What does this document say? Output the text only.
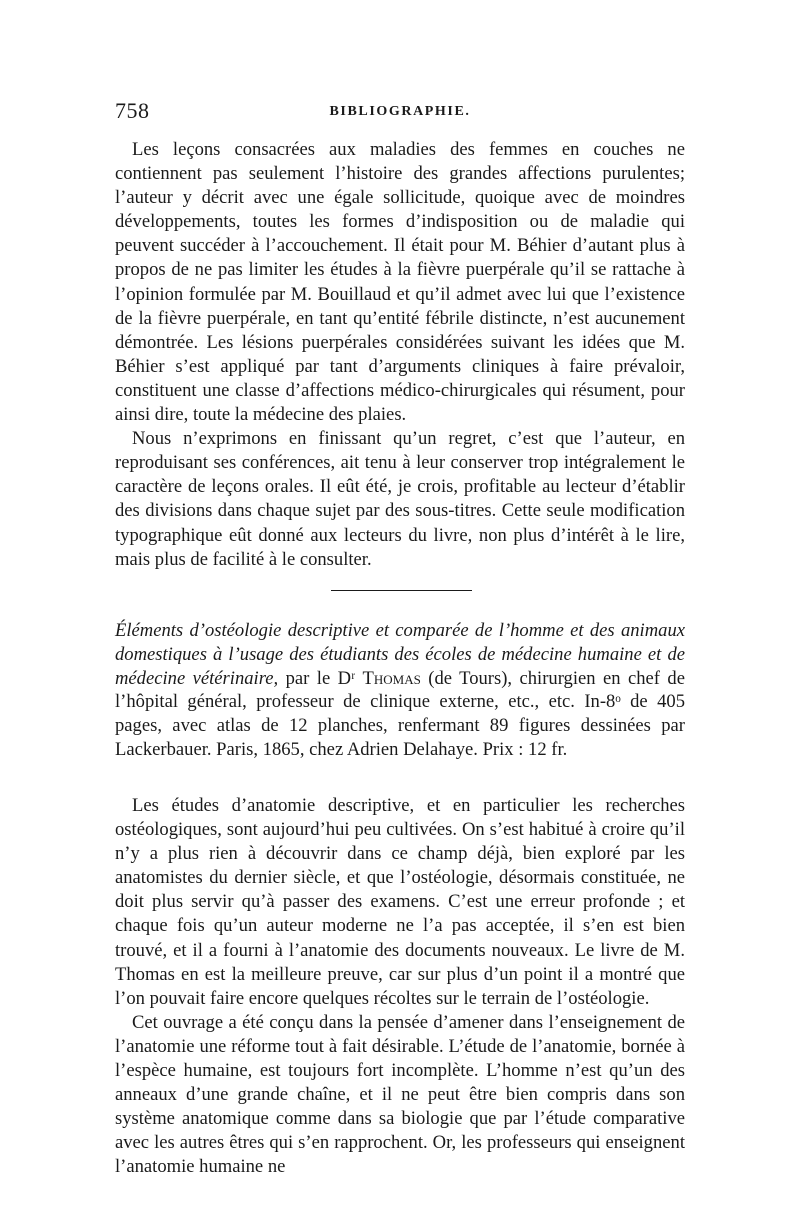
758	BIBLIOGRAPHIE.

Les leçons consacrées aux maladies des femmes en couches ne contiennent pas seulement l’histoire des grandes affections purulentes; l’auteur y décrit avec une égale sollicitude, quoique avec de moindres développements, toutes les formes d’indisposition ou de maladie qui peuvent succéder à l’accouchement. Il était pour M. Béhier d’autant plus à propos de ne pas limiter les études à la fièvre puerpérale qu’il se rattache à l’opinion formulée par M. Bouillaud et qu’il admet avec lui que l’existence de la fièvre puerpérale, en tant qu’entité fébrile distincte, n’est aucunement démontrée. Les lésions puerpérales considérées suivant les idées que M. Béhier s’est appliqué par tant d’arguments cliniques à faire prévaloir, constituent une classe d’affections médico-chirurgicales qui résument, pour ainsi dire, toute la médecine des plaies.

Nous n’exprimons en finissant qu’un regret, c’est que l’auteur, en reproduisant ses conférences, ait tenu à leur conserver trop intégralement le caractère de leçons orales. Il eût été, je crois, profitable au lecteur d’établir des divisions dans chaque sujet par des sous-titres. Cette seule modification typographique eût donné aux lecteurs du livre, non plus d’intérêt à le lire, mais plus de facilité à le consulter.

Éléments d’ostéologie descriptive et comparée de l’homme et des animaux domestiques à l’usage des étudiants des écoles de médecine humaine et de médecine vétérinaire, par le Dʳ Thomas (de Tours), chirurgien en chef de l’hôpital général, professeur de clinique externe, etc., etc. In-8ᵒ de 405 pages, avec atlas de 12 planches, renfermant 89 figures dessinées par Lackerbauer. Paris, 1865, chez Adrien Delahaye. Prix : 12 fr.

Les études d’anatomie descriptive, et en particulier les recherches ostéologiques, sont aujourd’hui peu cultivées. On s’est habitué à croire qu’il n’y a plus rien à découvrir dans ce champ déjà, bien exploré par les anatomistes du dernier siècle, et que l’ostéologie, désormais constituée, ne doit plus servir qu’à passer des examens. C’est une erreur profonde ; et chaque fois qu’un auteur moderne ne l’a pas acceptée, il s’en est bien trouvé, et il a fourni à l’anatomie des documents nouveaux. Le livre de M. Thomas en est la meilleure preuve, car sur plus d’un point il a montré que l’on pouvait faire encore quelques récoltes sur le terrain de l’ostéologie.

Cet ouvrage a été conçu dans la pensée d’amener dans l’enseignement de l’anatomie une réforme tout à fait désirable. L’étude de l’anatomie, bornée à l’espèce humaine, est toujours fort incomplète. L’homme n’est qu’un des anneaux d’une grande chaîne, et il ne peut être bien compris dans son système anatomique comme dans sa biologie que par l’étude comparative avec les autres êtres qui s’en rapprochent. Or, les professeurs qui enseignent l’anatomie humaine ne
